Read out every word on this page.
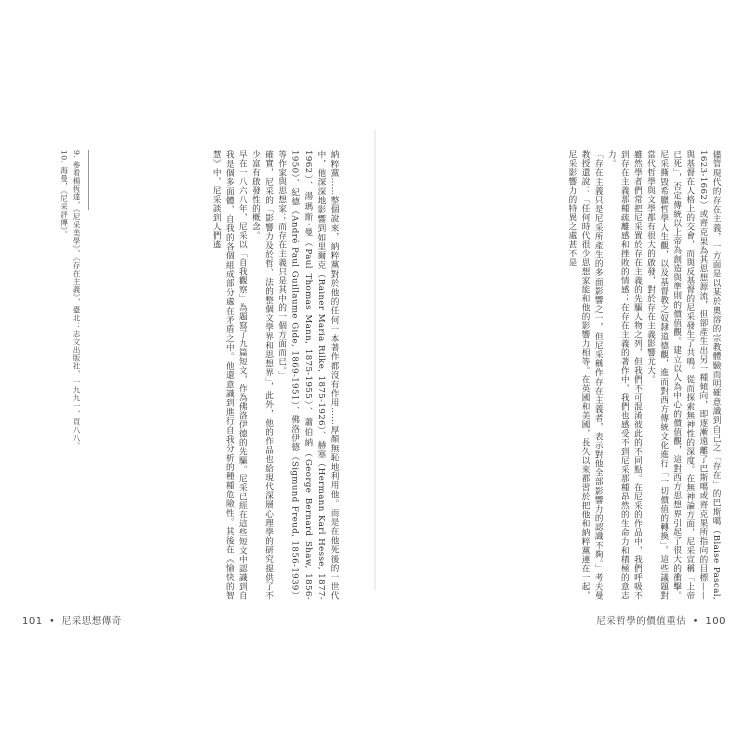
儘管現代的存在主義，一方面是以某於奧溶的宗教體驗而明確意識到自己之「存在」的巴斯噶（Blaise Pascal, 1623-1662）或齊克果為其思想源流，但卻產生出另一種傾向，即逐漸遠離了巴斯噶或齊克果所指向的目標——與基督在人格上的交會，而與反基督的尼采發生了共鳴。從而探索無神性的深度。在無神論方面，尼采宣稱「上帝已死」，否定傳統以上帝為創造與準則的價值觀。建立以人為中心的價值觀，這對西方思想界引起了很大的衝擊。尼采撕毀希臘哲學人生觀，以及基督教之奴隸道德觀，進而對西方傳統文化進行「一切價值的轉換」。這些議題對當代哲學與文學都有很大的啟發，對於存在主義影響尤大。

雖然學者們常把尼采置於存在主義的先驅人物之列，但我們不可混淆彼此的不同點。在尼采的作品中，我們呼吸不到存在主義那種疏離感和挫敗的情感；在存在主義的著作中，我們也感受不到尼采那種昂然的生命力和積極的意志力。

「存在主義只是尼采所產生的多面影響之一，但尼采稱作存在主義者，表示對他全部影響力的認識不夠。」考夫曼教授還說：「任何時代很少思想家能和他的影響力相等。在英國和美國，長久以來都習於把他和納粹黨連在一起，尼采影響力的特異之處甚不是

納粹黨……整個說來，納粹黨對於他的任何一本著作都沒有作用……厚顏無恥地利用他。而是在他死後的一世代中，他深深地影響到如里爾克（Rainer Maria Rilke, 1875-1926）、赫塞（Hermann Karl Hesse, 1877-1962）、湯瑪斯‧曼（Paul Thomas Mann, 1875-1955）、蕭伯納（George Bernard Shaw, 1856-1950）、紀德（André Paul Guillaume Gide, 1869-1951）、佛洛伊德（Sigmund Freud, 1856-1939）等作家與思想家；而存在主義只是其中的一個方面而已。」

確實，尼采的「影響力及於哲、法的整個文學界和思想界」，此外，他的作品也給現代深層心理學的研究提供了不少富有啟發性的概念。

早在一八六八年，尼采以「自我觀察」為題寫了九篇短文，作為佛洛伊德的先驅。尼采已經在這些短文中認識到自我是個多面體，自我的各個組成部分處在矛盾之中。他還意識到進行自我分析的種種危險性。其後在《愉快的智慧》中，尼采談到人們遙

9. 參看楊恆達，《尼采美學》，《存在主義》，臺北：志文出版社，一九九一，頁八八。

10. 海曼，《尼采評傳》。

101 • 尼采思想傳奇	尼采哲學的價值重估 • 100
